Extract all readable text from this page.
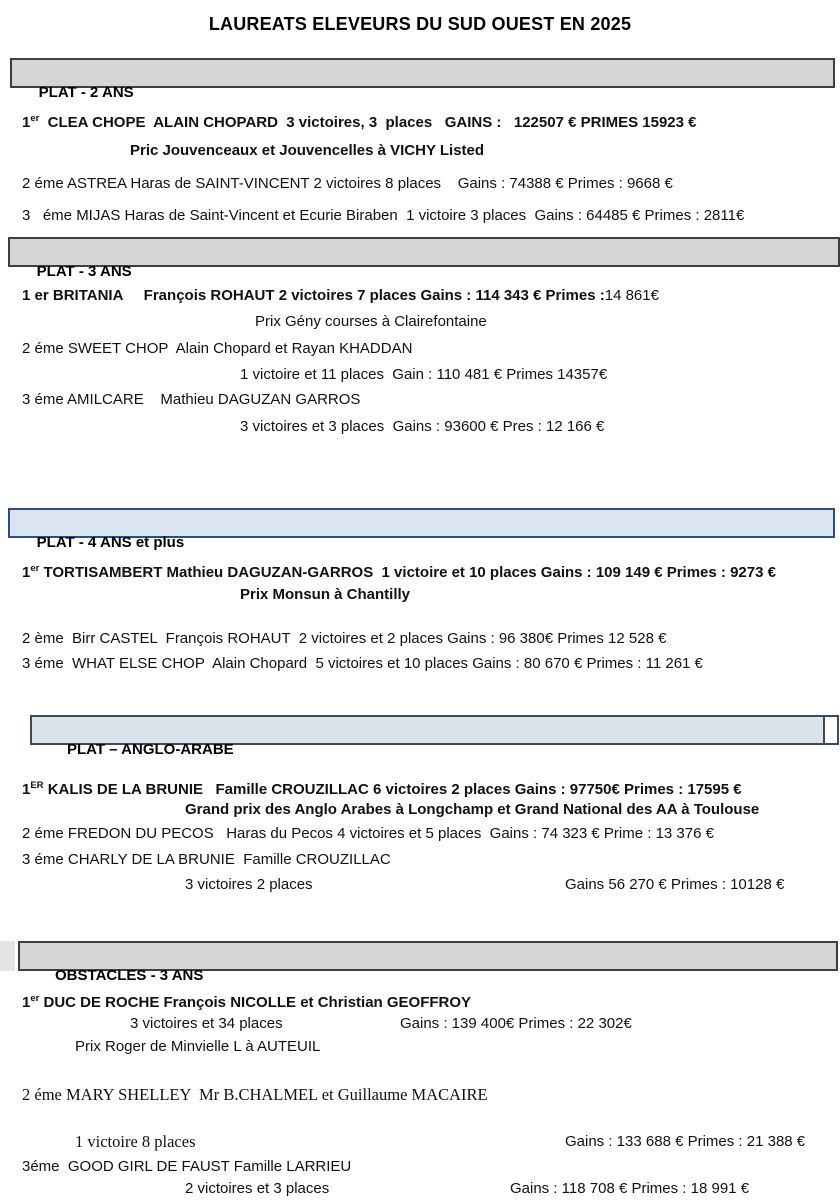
LAUREATS ELEVEURS DU SUD OUEST EN 2025

PLAT - 2 ANS

1er  CLEA CHOPE  ALAIN CHOPARD  3 victoires, 3  places   GAINS :   122507 € PRIMES 15923 €
Pric Jouvenceaux et Jouvencelles à VICHY Listed
2 éme ASTREA Haras de SAINT-VINCENT 2 victoires 8 places    Gains : 74388 € Primes : 9668 €
3   éme MIJAS Haras de Saint-Vincent et Ecurie Biraben  1 victoire 3 places  Gains : 64485 € Primes : 2811€

PLAT - 3 ANS

1 er BRITANIA     François ROHAUT 2 victoires 7 places Gains : 114 343 € Primes :14 861€
Prix Gény courses à Clairefontaine
2 éme SWEET CHOP  Alain Chopard et Rayan KHADDAN
1 victoire et 11 places  Gain : 110 481 € Primes 14357€
3 éme AMILCARE    Mathieu DAGUZAN GARROS
3 victoires et 3 places  Gains : 93600 € Pres : 12 166 €

PLAT - 4 ANS et plus

1er TORTISAMBERT Mathieu DAGUZAN-GARROS  1 victoire et 10 places Gains : 109 149 € Primes : 9273 €
Prix Monsun à Chantilly
2 ème  Birr CASTEL  François ROHAUT  2 victoires et 2 places Gains : 96 380€ Primes 12 528 €
3 éme  WHAT ELSE CHOP  Alain Chopard  5 victoires et 10 places Gains : 80 670 € Primes : 11 261 €

PLAT – ANGLO-ARABE

1ER KALIS DE LA BRUNIE   Famille CROUZILLAC 6 victoires 2 places Gains : 97750€ Primes : 17595 €
Grand prix des Anglo Arabes à Longchamp et Grand National des AA à Toulouse
2 éme FREDON DU PECOS   Haras du Pecos 4 victoires et 5 places  Gains : 74 323 € Prime : 13 376 €
3 éme CHARLY DE LA BRUNIE  Famille CROUZILLAC

3 victoires 2 places

	Gains 56 270 € Primes : 10128 €

OBSTACLES - 3 ANS

1er DUC DE ROCHE François NICOLLE et Christian GEOFFROY

3 victoires et 34 places

	Gains : 139 400€ Primes : 22 302€

Prix Roger de Minvielle L à AUTEUIL
2 éme MARY SHELLEY  Mr B.CHALMEL et Guillaume MACAIRE

1 victoire 8 places

	Gains : 133 688 € Primes : 21 388 €

3éme  GOOD GIRL DE FAUST Famille LARRIEU

2 victoires et 3 places

	Gains : 118 708 € Primes : 18 991 €
